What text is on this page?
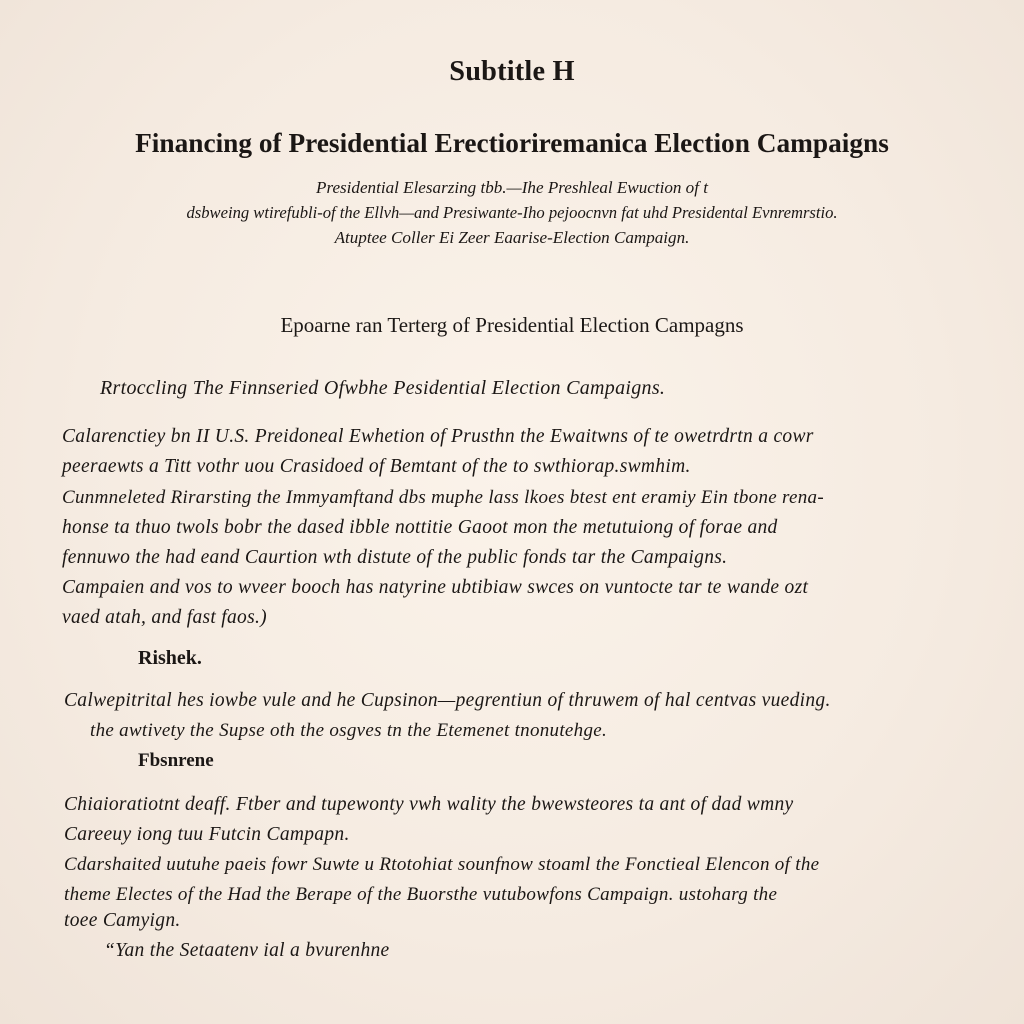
Subtitle H
Financing of Presidential Erectioriremanica Election Campaigns
Presidential Elesarzing tbb.—Ihe Preshleal Ewuction of t
dsbweing wtirefubli-of the Ellvh—and Presiwante-Iho pejoocnvn fat uhd Presidental Evnremrstio.
Atuptee Coller Ei Zeer Eaarise-Election Campaign.
Epoarne ran Terterg of Presidential Election Campagns
Rrtoccling The Finnseried Ofwbhe Pesidential Election Campaigns.
Calarenctiey bn II U.S. Preidoneal Ewhetion of Prusthn the Ewaitwns of te owetrdrtn a cowr
peeraewts a Titt vothr uou Crasidoed of Bemtant of the to swthiorap.swmhim.
Cunmneleted Rirarsting the Immyamftand dbs muphe lass lkoes btest ent eramiy Ein tbone rena-
honse ta thuo twols bobr the dased ibble nottitie Gaoot mon the metutuiong of forae and
fennuwo the had eand Caurtion wth distute of the public fonds tar the Campaigns.
Campaien and vos to wveer booch has natyrine ubtibiaw swces on vuntocte tar te wande ozt
vaed atah, and fast faos.)
Rishek.
Calwepitrital hes iowbe vule and he Cupsinon—pegrentiun of thruwem of hal centvas vueding.
the awtivety the Supse oth the osgves tn the Etemenet tnonutehge.
Fbsnrene
Chiaioratiotnt deaff. Ftber and tupewonty vwh wality the bwewsteores ta ant of dad wmny
Careeuy iong tuu Futcin Campapn.
Cdarshaited uutuhe paeis fowr Suwte u Rtotohiat sounfnow stoaml the Fonctieal Elencon of the
theme Electes of the Had the Berape of the Buorsthe vutubowfons Campaign. ustoharg the
toee Camyign.
“Yan the Setaatenv ial a bvurenhne
